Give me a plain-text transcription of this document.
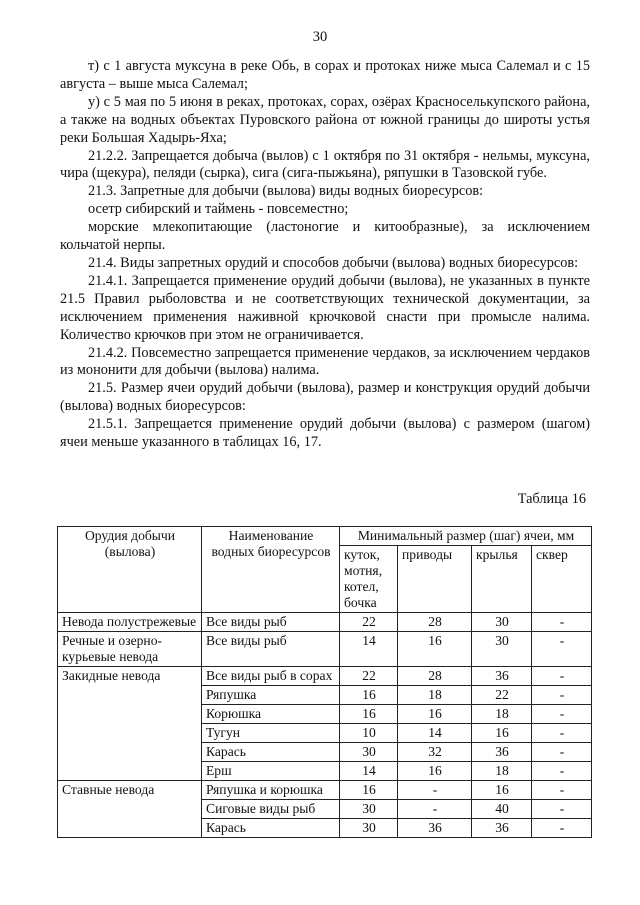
30

т) с 1 августа муксуна в реке Обь, в сорах и протоках ниже мыса Салемал и с 15 августа – выше мыса Салемал;

у) с 5 мая по 5 июня в реках, протоках, сорах, озёрах Красноселькупского района, а также на водных объектах Пуровского района от южной границы до широты устья реки Большая Хадырь-Яха;

21.2.2. Запрещается добыча (вылов) с 1 октября по 31 октября - нельмы, муксуна, чира (щекура), пеляди (сырка), сига (сига-пыжьяна), ряпушки в Тазовской губе.

21.3. Запретные для добычи (вылова) виды водных биоресурсов:

осетр сибирский и таймень - повсеместно;

морские млекопитающие (ластоногие и китообразные), за исключением кольчатой нерпы.

21.4. Виды запретных орудий и способов добычи (вылова) водных биоресурсов:

21.4.1. Запрещается применение орудий добычи (вылова), не указанных в пункте 21.5 Правил рыболовства и не соответствующих технической документации, за исключением применения наживной крючковой снасти при промысле налима. Количество крючков при этом не ограничивается.

21.4.2. Повсеместно запрещается применение чердаков, за исключением чердаков из мононити для добычи (вылова) налима.

21.5. Размер ячеи орудий добычи (вылова), размер и конструкция орудий добычи (вылова) водных биоресурсов:

21.5.1. Запрещается применение орудий добычи (вылова) с размером (шагом) ячеи меньше указанного в таблицах 16, 17.

Таблица 16
Орудия добычи (вылова)	Наименование водных биоресурсов	Минимальный размер (шаг) ячеи, мм			
		куток, мотня, котел, бочка	приводы	крылья	сквер
Невода полустрежевые	Все виды рыб	22	28	30	-
Речные и озерно-курьевые невода	Все виды рыб	14	16	30	-
Закидные невода	Все виды рыб в сорах	22	28	36	-
	Ряпушка	16	18	22	-
	Корюшка	16	16	18	-
	Тугун	10	14	16	-
	Карась	30	32	36	-
	Ерш	14	16	18	-
Ставные невода	Ряпушка и корюшка	16	-	16	-
	Сиговые виды рыб	30	-	40	-
	Карась	30	36	36	-
